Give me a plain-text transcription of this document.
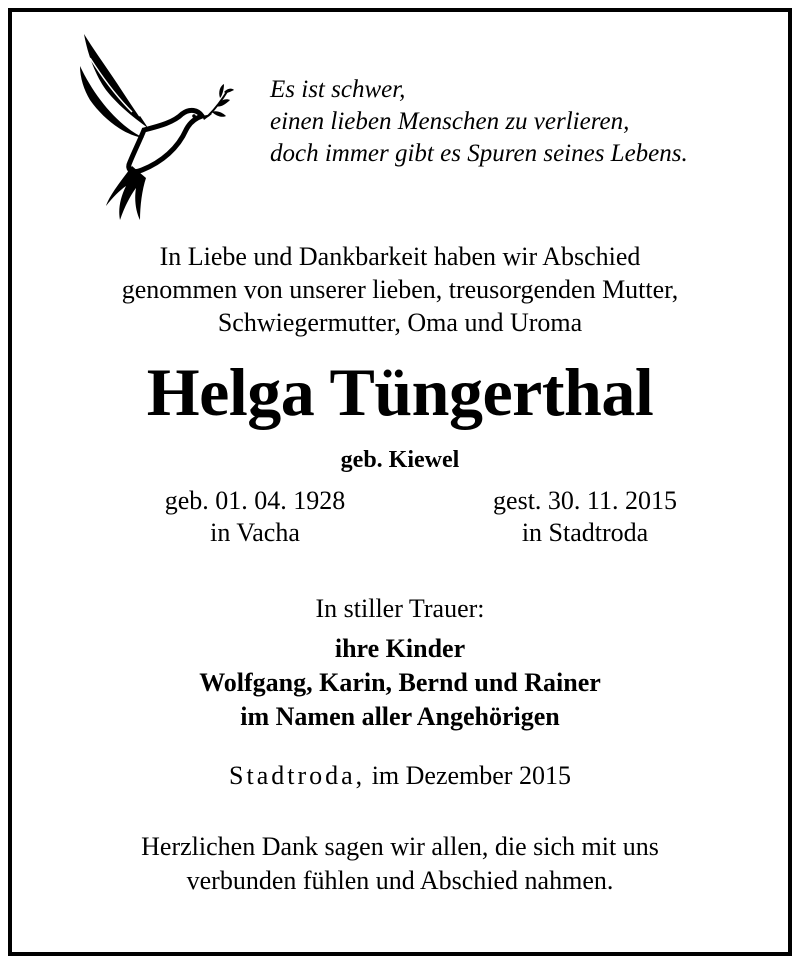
Es ist schwer,
einen lieben Menschen zu verlieren,
doch immer gibt es Spuren seines Lebens.
In Liebe und Dankbarkeit haben wir Abschied
genommen von unserer lieben, treusorgenden Mutter,
Schwiegermutter, Oma und Uroma
Helga Tüngerthal
geb. Kiewel
geb. 01. 04. 1928
in Vacha
gest. 30. 11. 2015
in Stadtroda
In stiller Trauer:
ihre Kinder
Wolfgang, Karin, Bernd und Rainer
im Namen aller Angehörigen
Stadtroda, im Dezember 2015
Herzlichen Dank sagen wir allen, die sich mit uns
verbunden fühlen und Abschied nahmen.
